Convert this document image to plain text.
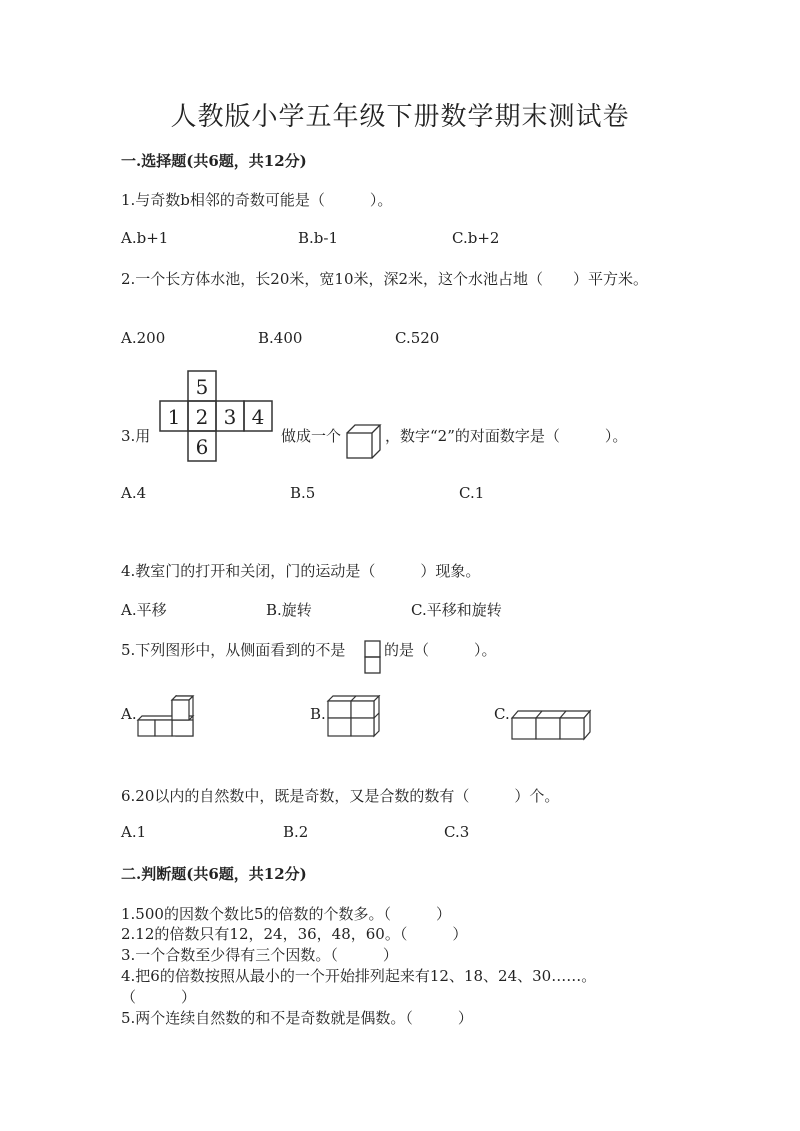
人教版小学五年级下册数学期末测试卷
一.选择题(共6题，共12分)
1.与奇数b相邻的奇数可能是（　　　）。
A.b+1	B.b-1	C.b+2
2.一个长方体水池，长20米，宽10米，深2米，这个水池占地（　　）平方米。
A.200	B.400	C.520
3.用
5
1 2 3 4
6	做成一个	，数字“2”的对面数字是（　　　）。
A.4	B.5	C.1
4.教室门的打开和关闭，门的运动是（　　　）现象。
A.平移	B.旋转	C.平移和旋转
5.下列图形中，从侧面看到的不是	的是（　　　）。
A.	B.	C.
6.20以内的自然数中，既是奇数，又是合数的数有（　　　）个。
A.1	B.2	C.3
二.判断题(共6题，共12分)
1.500的因数个数比5的倍数的个数多。（　　　）
2.12的倍数只有12，24，36，48，60。（　　　）
3.一个合数至少得有三个因数。（　　　）
4.把6的倍数按照从最小的一个开始排列起来有12、18、24、30……。
（　　　）
5.两个连续自然数的和不是奇数就是偶数。（　　　）
